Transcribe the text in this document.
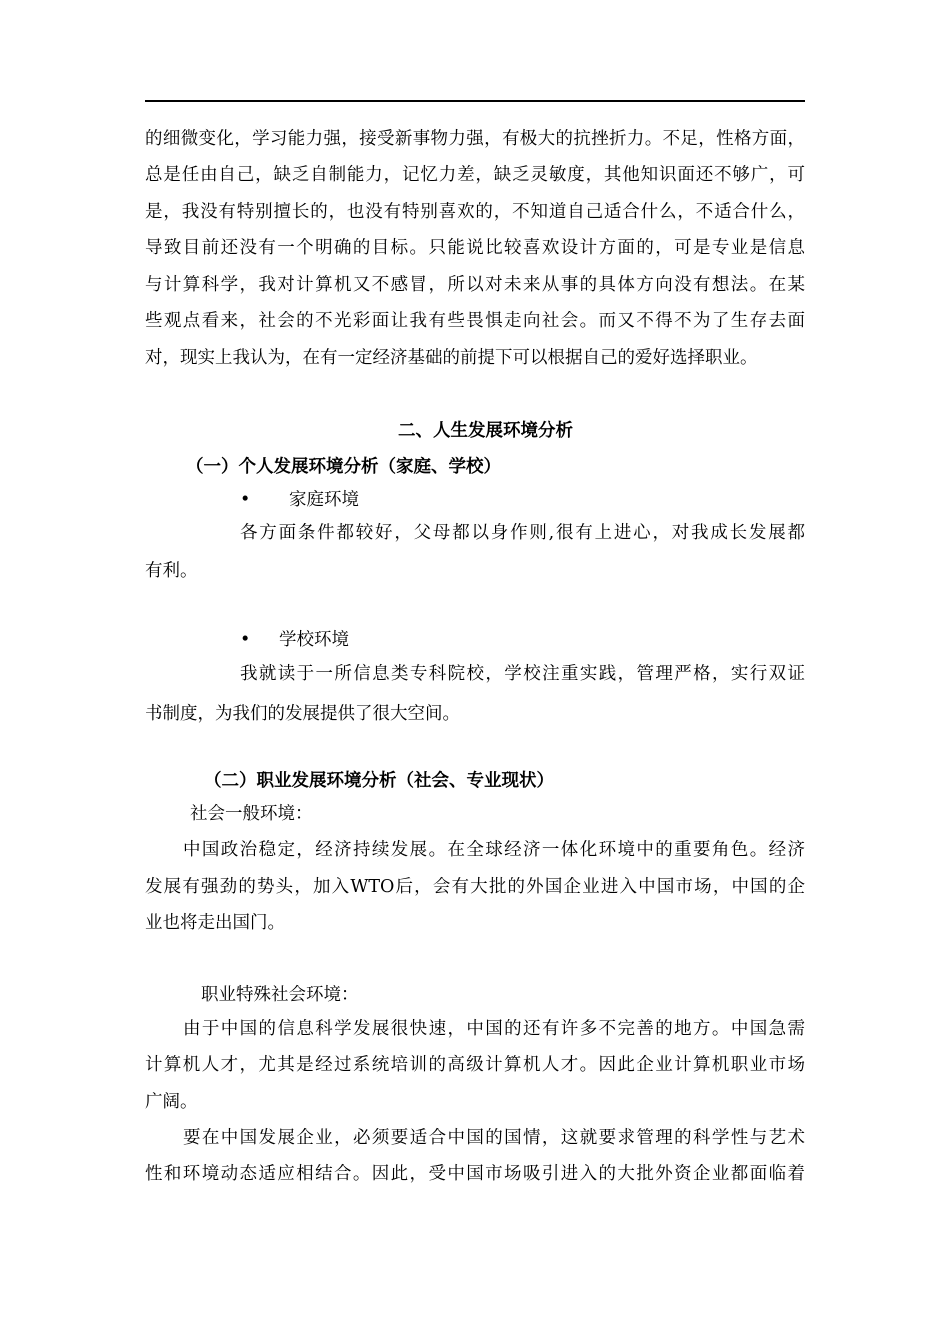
的细微变化，学习能力强，接受新事物力强，有极大的抗挫折力。不足，性格方面，
总是任由自己，缺乏自制能力，记忆力差，缺乏灵敏度，其他知识面还不够广，可
是，我没有特别擅长的，也没有特别喜欢的，不知道自己适合什么，不适合什么，
导致目前还没有一个明确的目标。只能说比较喜欢设计方面的，可是专业是信息
与计算科学，我对计算机又不感冒，所以对未来从事的具体方向没有想法。在某
些观点看来，社会的不光彩面让我有些畏惧走向社会。而又不得不为了生存去面
对，现实上我认为，在有一定经济基础的前提下可以根据自己的爱好选择职业。
二、人生发展环境分析
（一）个人发展环境分析（家庭、学校）
•	家庭环境
各方面条件都较好，父母都以身作则,很有上进心，对我成长发展都
有利。
•	学校环境
我就读于一所信息类专科院校，学校注重实践，管理严格，实行双证
书制度，为我们的发展提供了很大空间。
（二）职业发展环境分析（社会、专业现状）
社会一般环境：
中国政治稳定，经济持续发展。在全球经济一体化环境中的重要角色。经济
发展有强劲的势头，加入WTO后，会有大批的外国企业进入中国市场，中国的企
业也将走出国门。
职业特殊社会环境：
由于中国的信息科学发展很快速，中国的还有许多不完善的地方。中国急需
计算机人才，尤其是经过系统培训的高级计算机人才。因此企业计算机职业市场
广阔。
要在中国发展企业，必须要适合中国的国情，这就要求管理的科学性与艺术
性和环境动态适应相结合。因此，受中国市场吸引进入的大批外资企业都面临着
